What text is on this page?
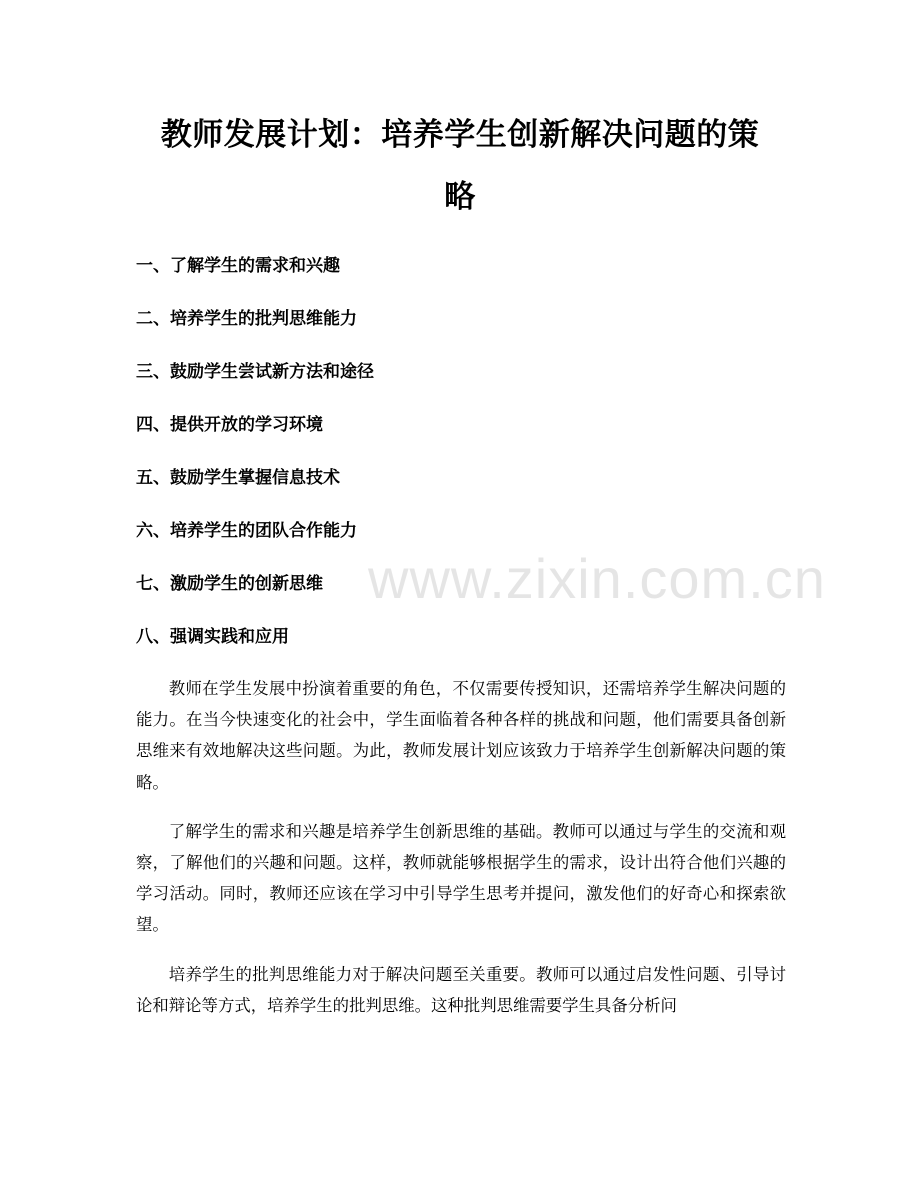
教师发展计划：培养学生创新解决问题的策
略
一、了解学生的需求和兴趣
二、培养学生的批判思维能力
三、鼓励学生尝试新方法和途径
四、提供开放的学习环境
五、鼓励学生掌握信息技术
六、培养学生的团队合作能力
七、激励学生的创新思维
八、强调实践和应用

教师在学生发展中扮演着重要的角色，不仅需要传授知识，还需培养学生解决问题的能力。在当今快速变化的社会中，学生面临着各种各样的挑战和问题，他们需要具备创新思维来有效地解决这些问题。为此，教师发展计划应该致力于培养学生创新解决问题的策略。

了解学生的需求和兴趣是培养学生创新思维的基础。教师可以通过与学生的交流和观察，了解他们的兴趣和问题。这样，教师就能够根据学生的需求，设计出符合他们兴趣的学习活动。同时，教师还应该在学习中引导学生思考并提问，激发他们的好奇心和探索欲望。

培养学生的批判思维能力对于解决问题至关重要。教师可以通过启发性问题、引导讨论和辩论等方式，培养学生的批判思维。这种批判思维需要学生具备分析问

www.zixin.com.cn
